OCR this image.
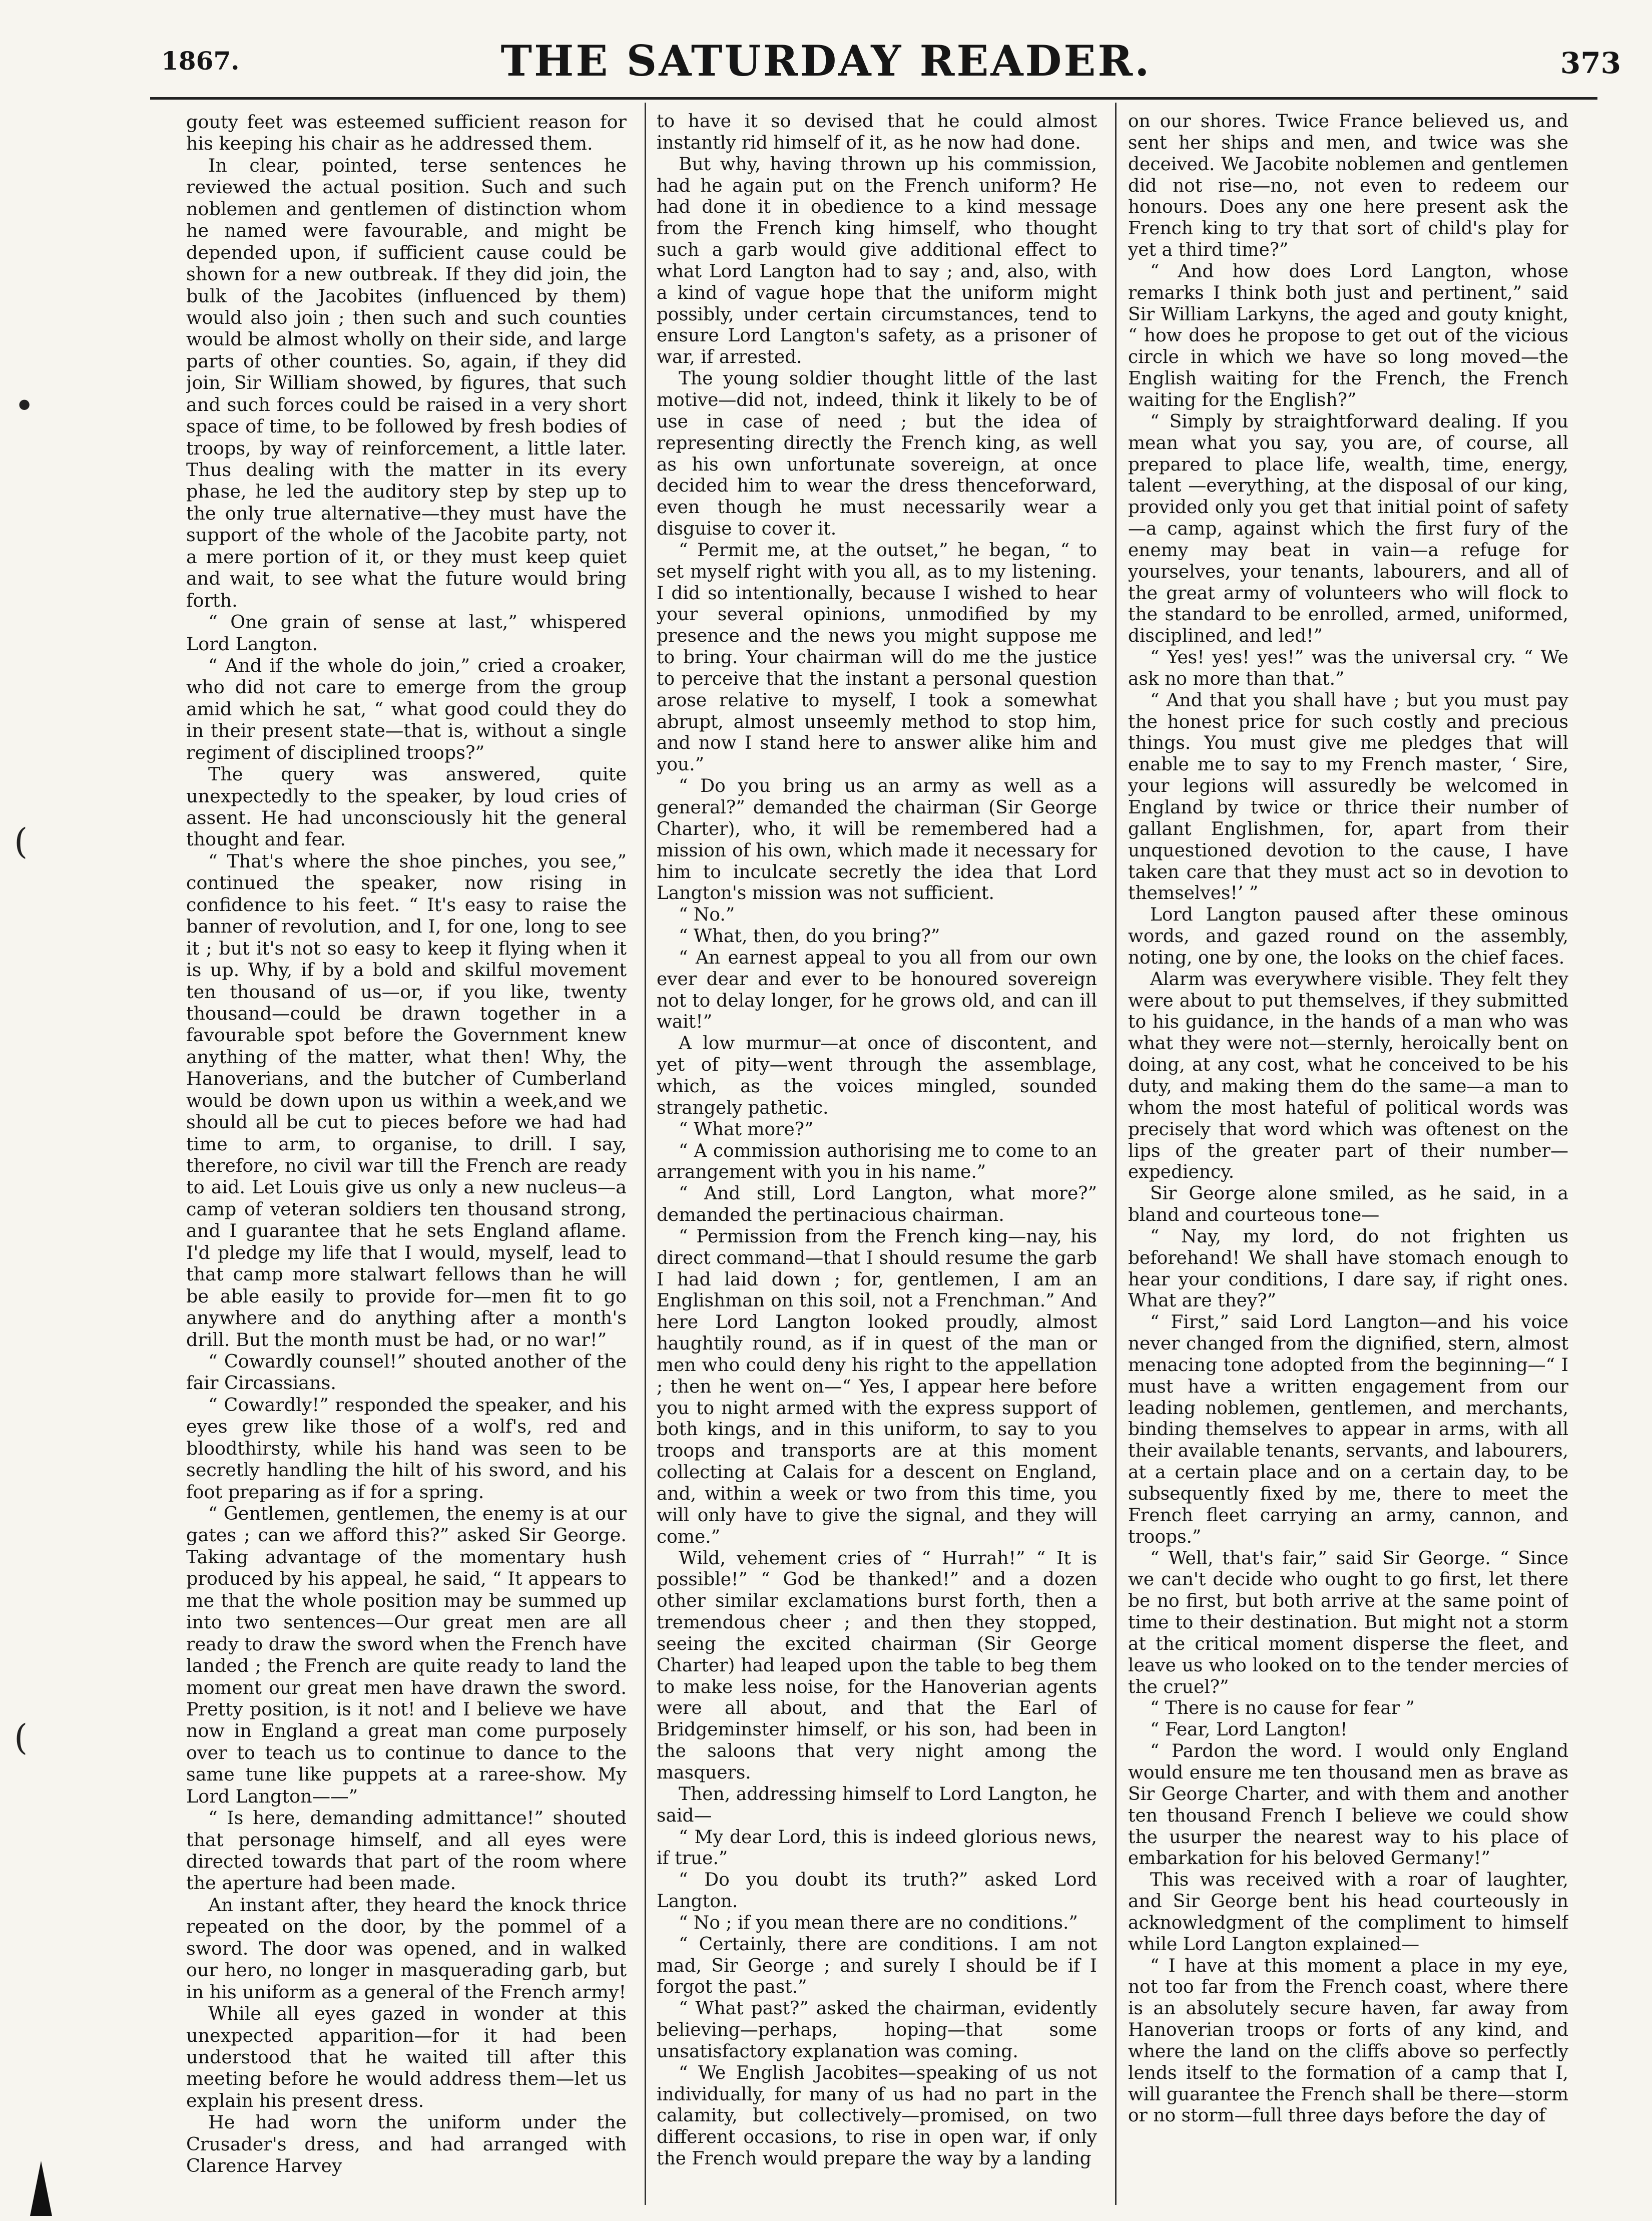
1867.	THE SATURDAY READER.	373

gouty feet was esteemed sufficient reason for his keeping his chair as he addressed them.

In clear, pointed, terse sentences he reviewed the actual position. Such and such noblemen and gentlemen of distinction whom he named were favourable, and might be depended upon, if sufficient cause could be shown for a new outbreak. If they did join, the bulk of the Jacobites (influenced by them) would also join ; then such and such counties would be almost wholly on their side, and large parts of other counties. So, again, if they did join, Sir William showed, by figures, that such and such forces could be raised in a very short space of time, to be followed by fresh bodies of troops, by way of reinforcement, a little later. Thus dealing with the matter in its every phase, he led the auditory step by step up to the only true alternative—they must have the support of the whole of the Jacobite party, not a mere portion of it, or they must keep quiet and wait, to see what the future would bring forth.

“ One grain of sense at last,” whispered Lord Langton.

“ And if the whole do join,” cried a croaker, who did not care to emerge from the group amid which he sat, “ what good could they do in their present state—that is, without a single regiment of disciplined troops?”

The query was answered, quite unexpectedly to the speaker, by loud cries of assent. He had unconsciously hit the general thought and fear.

“ That's where the shoe pinches, you see,” continued the speaker, now rising in confidence to his feet. “ It's easy to raise the banner of revolution, and I, for one, long to see it ; but it's not so easy to keep it flying when it is up. Why, if by a bold and skilful movement ten thousand of us—or, if you like, twenty thousand—could be drawn together in a favourable spot before the Government knew anything of the matter, what then! Why, the Hanoverians, and the butcher of Cumberland would be down upon us within a week,and we should all be cut to pieces before we had had time to arm, to organise, to drill. I say, therefore, no civil war till the French are ready to aid. Let Louis give us only a new nucleus—a camp of veteran soldiers ten thousand strong, and I guarantee that he sets England aflame. I'd pledge my life that I would, myself, lead to that camp more stalwart fellows than he will be able easily to provide for—men fit to go anywhere and do anything after a month's drill. But the month must be had, or no war!”

“ Cowardly counsel!” shouted another of the fair Circassians.

“ Cowardly!” responded the speaker, and his eyes grew like those of a wolf's, red and bloodthirsty, while his hand was seen to be secretly handling the hilt of his sword, and his foot preparing as if for a spring.

“ Gentlemen, gentlemen, the enemy is at our gates ; can we afford this?” asked Sir George. Taking advantage of the momentary hush produced by his appeal, he said, “ It appears to me that the whole position may be summed up into two sentences—Our great men are all ready to draw the sword when the French have landed ; the French are quite ready to land the moment our great men have drawn the sword. Pretty position, is it not! and I believe we have now in England a great man come purposely over to teach us to continue to dance to the same tune like puppets at a raree-show. My Lord Langton——”

“ Is here, demanding admittance!” shouted that personage himself, and all eyes were directed towards that part of the room where the aperture had been made.

An instant after, they heard the knock thrice repeated on the door, by the pommel of a sword. The door was opened, and in walked our hero, no longer in masquerading garb, but in his uniform as a general of the French army!

While all eyes gazed in wonder at this unexpected apparition—for it had been understood that he waited till after this meeting before he would address them—let us explain his present dress.

He had worn the uniform under the Crusader's dress, and had arranged with Clarence Harvey

to have it so devised that he could almost instantly rid himself of it, as he now had done.

But why, having thrown up his commission, had he again put on the French uniform? He had done it in obedience to a kind message from the French king himself, who thought such a garb would give additional effect to what Lord Langton had to say ; and, also, with a kind of vague hope that the uniform might possibly, under certain circumstances, tend to ensure Lord Langton's safety, as a prisoner of war, if arrested.

The young soldier thought little of the last motive—did not, indeed, think it likely to be of use in case of need ; but the idea of representing directly the French king, as well as his own unfortunate sovereign, at once decided him to wear the dress thenceforward, even though he must necessarily wear a disguise to cover it.

“ Permit me, at the outset,” he began, “ to set myself right with you all, as to my listening. I did so intentionally, because I wished to hear your several opinions, unmodified by my presence and the news you might suppose me to bring. Your chairman will do me the justice to perceive that the instant a personal question arose relative to myself, I took a somewhat abrupt, almost unseemly method to stop him, and now I stand here to answer alike him and you.”

“ Do you bring us an army as well as a general?” demanded the chairman (Sir George Charter), who, it will be remembered had a mission of his own, which made it necessary for him to inculcate secretly the idea that Lord Langton's mission was not sufficient.

“ No.”

“ What, then, do you bring?”

“ An earnest appeal to you all from our own ever dear and ever to be honoured sovereign not to delay longer, for he grows old, and can ill wait!”

A low murmur—at once of discontent, and yet of pity—went through the assemblage, which, as the voices mingled, sounded strangely pathetic.

“ What more?”

“ A commission authorising me to come to an arrangement with you in his name.”

“ And still, Lord Langton, what more?” demanded the pertinacious chairman.

“ Permission from the French king—nay, his direct command—that I should resume the garb I had laid down ; for, gentlemen, I am an Englishman on this soil, not a Frenchman.” And here Lord Langton looked proudly, almost haughtily round, as if in quest of the man or men who could deny his right to the appellation ; then he went on—“ Yes, I appear here before you to night armed with the express support of both kings, and in this uniform, to say to you troops and transports are at this moment collecting at Calais for a descent on England, and, within a week or two from this time, you will only have to give the signal, and they will come.”

Wild, vehement cries of “ Hurrah!” “ It is possible!” “ God be thanked!” and a dozen other similar exclamations burst forth, then a tremendous cheer ; and then they stopped, seeing the excited chairman (Sir George Charter) had leaped upon the table to beg them to make less noise, for the Hanoverian agents were all about, and that the Earl of Bridgeminster himself, or his son, had been in the saloons that very night among the masquers.

Then, addressing himself to Lord Langton, he said—

“ My dear Lord, this is indeed glorious news, if true.”

“ Do you doubt its truth?” asked Lord Langton.

“ No ; if you mean there are no conditions.”

“ Certainly, there are conditions. I am not mad, Sir George ; and surely I should be if I forgot the past.”

“ What past?” asked the chairman, evidently believing—perhaps, hoping—that some unsatisfactory explanation was coming.

“ We English Jacobites—speaking of us not individually, for many of us had no part in the calamity, but collectively—promised, on two different occasions, to rise in open war, if only the French would prepare the way by a landing

on our shores. Twice France believed us, and sent her ships and men, and twice was she deceived. We Jacobite noblemen and gentlemen did not rise—no, not even to redeem our honours. Does any one here present ask the French king to try that sort of child's play for yet a third time?”

“ And how does Lord Langton, whose remarks I think both just and pertinent,” said Sir William Larkyns, the aged and gouty knight, “ how does he propose to get out of the vicious circle in which we have so long moved—the English waiting for the French, the French waiting for the English?”

“ Simply by straightforward dealing. If you mean what you say, you are, of course, all prepared to place life, wealth, time, energy, talent —everything, at the disposal of our king, provided only you get that initial point of safety—a camp, against which the first fury of the enemy may beat in vain—a refuge for yourselves, your tenants, labourers, and all of the great army of volunteers who will flock to the standard to be enrolled, armed, uniformed, disciplined, and led!”

“ Yes! yes! yes!” was the universal cry. “ We ask no more than that.”

“ And that you shall have ; but you must pay the honest price for such costly and precious things. You must give me pledges that will enable me to say to my French master, ‘ Sire, your legions will assuredly be welcomed in England by twice or thrice their number of gallant Englishmen, for, apart from their unquestioned devotion to the cause, I have taken care that they must act so in devotion to themselves!’ ”

Lord Langton paused after these ominous words, and gazed round on the assembly, noting, one by one, the looks on the chief faces.

Alarm was everywhere visible. They felt they were about to put themselves, if they submitted to his guidance, in the hands of a man who was what they were not—sternly, heroically bent on doing, at any cost, what he conceived to be his duty, and making them do the same—a man to whom the most hateful of political words was precisely that word which was oftenest on the lips of the greater part of their number—expediency.

Sir George alone smiled, as he said, in a bland and courteous tone—

“ Nay, my lord, do not frighten us beforehand! We shall have stomach enough to hear your conditions, I dare say, if right ones. What are they?”

“ First,” said Lord Langton—and his voice never changed from the dignified, stern, almost menacing tone adopted from the beginning—“ I must have a written engagement from our leading noblemen, gentlemen, and merchants, binding themselves to appear in arms, with all their available tenants, servants, and labourers, at a certain place and on a certain day, to be subsequently fixed by me, there to meet the French fleet carrying an army, cannon, and troops.”

“ Well, that's fair,” said Sir George. “ Since we can't decide who ought to go first, let there be no first, but both arrive at the same point of time to their destination. But might not a storm at the critical moment disperse the fleet, and leave us who looked on to the tender mercies of the cruel?”

“ There is no cause for fear ”

“ Fear, Lord Langton!

“ Pardon the word. I would only England would ensure me ten thousand men as brave as Sir George Charter, and with them and another ten thousand French I believe we could show the usurper the nearest way to his place of embarkation for his beloved Germany!”

This was received with a roar of laughter, and Sir George bent his head courteously in acknowledgment of the compliment to himself while Lord Langton explained—

“ I have at this moment a place in my eye, not too far from the French coast, where there is an absolutely secure haven, far away from Hanoverian troops or forts of any kind, and where the land on the cliffs above so perfectly lends itself to the formation of a camp that I, will guarantee the French shall be there—storm or no storm—full three days before the day of

•
(
(
